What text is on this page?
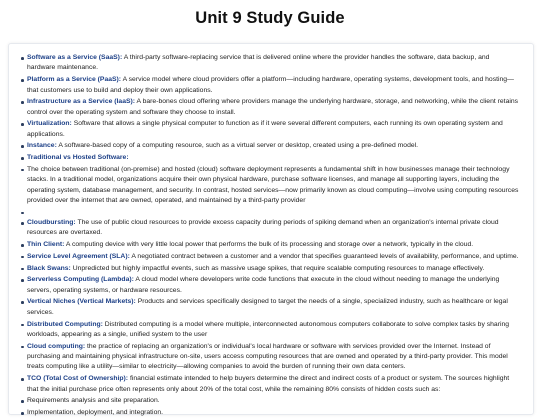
Unit 9 Study Guide
Software as a Service (SaaS): A third-party software-replacing service that is delivered online where the provider handles the software, data backup, and hardware maintenance.
Platform as a Service (PaaS): A service model where cloud providers offer a platform—including hardware, operating systems, development tools, and hosting—that customers use to build and deploy their own applications.
Infrastructure as a Service (IaaS): A bare-bones cloud offering where providers manage the underlying hardware, storage, and networking, while the client retains control over the operating system and software they choose to install.
Virtualization: Software that allows a single physical computer to function as if it were several different computers, each running its own operating system and applications.
Instance: A software-based copy of a computing resource, such as a virtual server or desktop, created using a pre-defined model.
Traditional vs Hosted Software:
The choice between traditional (on-premise) and hosted (cloud) software deployment represents a fundamental shift in how businesses manage their technology stacks. In a traditional model, organizations acquire their own physical hardware, purchase software licenses, and manage all supporting layers, including the operating system, database management, and security. In contrast, hosted services—now primarily known as cloud computing—involve using computing resources provided over the internet that are owned, operated, and maintained by a third-party provider
Cloudbursting: The use of public cloud resources to provide excess capacity during periods of spiking demand when an organization's internal private cloud resources are overtaxed.
Thin Client: A computing device with very little local power that performs the bulk of its processing and storage over a network, typically in the cloud.
Service Level Agreement (SLA): A negotiated contract between a customer and a vendor that specifies guaranteed levels of availability, performance, and uptime.
Black Swans: Unpredicted but highly impactful events, such as massive usage spikes, that require scalable computing resources to manage effectively.
Serverless Computing (Lambda): A cloud model where developers write code functions that execute in the cloud without needing to manage the underlying servers, operating systems, or hardware resources.
Vertical Niches (Vertical Markets): Products and services specifically designed to target the needs of a single, specialized industry, such as healthcare or legal services.
Distributed Computing: Distributed computing is a model where multiple, interconnected autonomous computers collaborate to solve complex tasks by sharing workloads, appearing as a single, unified system to the user
Cloud computing: the practice of replacing an organization's or individual's local hardware or software with services provided over the Internet. Instead of purchasing and maintaining physical infrastructure on-site, users access computing resources that are owned and operated by a third-party provider. This model treats computing like a utility—similar to electricity—allowing companies to avoid the burden of running their own data centers.
TCO (Total Cost of Ownership): financial estimate intended to help buyers determine the direct and indirect costs of a product or system. The sources highlight that the initial purchase price often represents only about 20% of the total cost, while the remaining 80% consists of hidden costs such as:
Requirements analysis and site preparation.
Implementation, deployment, and integration.
